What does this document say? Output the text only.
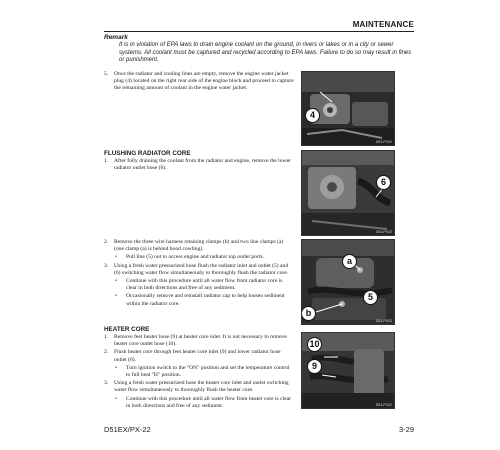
MAINTENANCE
Remark
It is in violation of EPA laws to drain engine coolant on the ground, in rivers or lakes or in a city or sewer systems. All coolant must be captured and recycled according to EPA laws. Failure to do so may result in fines or punishment.
5. Once the radiator and cooling lines are empty, remove the engine water jacket plug (4) located on the right rear side of the engine block and proceed to capture the remaining amount of coolant in the engine water jacket.
FLUSHING RADIATOR CORE
1. After fully draining the coolant from the radiator and engine, remove the lower radiator outlet hose (6).
2. Remove the three wire harness retaining clamps (b) and two line clamps (a) (one clamp (a) is behind hood cowling).
• Pull line (5) out to access engine and radiator top outlet ports.
3. Using a fresh water pressurized hose flush the radiator inlet and outlet (5) and (6) switching water flow simultaneously to thoroughly flush the radiator core.
• Continue with this procedure until all water flow from radiator core is clear in both directions and free of any sediment.
• Occasionally remove and reinstall radiator cap to help loosen sediment within the radiator core.
HEATER CORE
1. Remove feet heater hose (9) at heater core inlet. It is not necessary to remove heater core outlet hose (10).
2. Flush heater core through feet heater core inlet (9) and lower radiator hose outlet (6).
• Turn ignition switch to the "ON" position and set the temperature control to full heat "H" position.
3. Using a fresh water pressurized hose the heater core inlet and outlet switching water flow simultaneously to thoroughly flush the heater core.
• Continue with this procedure until all water flow from heater core is clear in both directions and free of any sediment.
4
D51-PX22
6
D51-PX22
a
5
b
D51-PX22
10
9
D51-PX22
D51EX/PX-22	3-29
